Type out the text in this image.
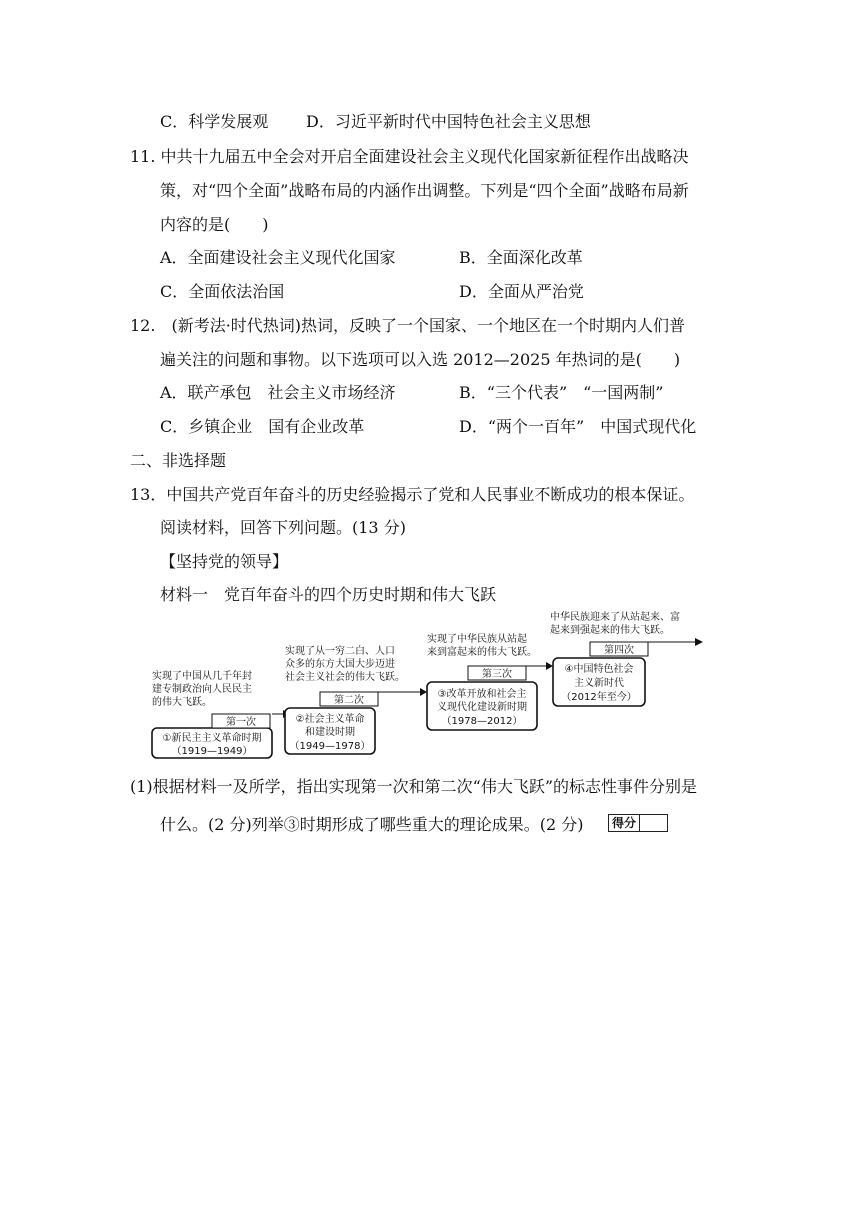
C．科学发展观 D．习近平新时代中国特色社会主义思想
11. 中共十九届五中全会对开启全面建设社会主义现代化国家新征程作出战略决
策，对“四个全面”战略布局的内涵作出调整。下列是“四个全面”战略布局新
内容的是(　　)
A．全面建设社会主义现代化国家	B．全面深化改革
C．全面依法治国	D．全面从严治党
12.　(新考法·时代热词)热词，反映了一个国家、一个地区在一个时期内人们普
遍关注的问题和事物。以下选项可以入选 2012—2025 年热词的是(　　)
A．联产承包　社会主义市场经济	B．“三个代表”　“一国两制”
C．乡镇企业　国有企业改革	D．“两个一百年”　中国式现代化
二、非选择题
13．中国共产党百年奋斗的历史经验揭示了党和人民事业不断成功的根本保证。
阅读材料，回答下列问题。(13 分)
【坚持党的领导】
材料一　党百年奋斗的四个历史时期和伟大飞跃
①新民主主义革命时期
（1919—1949）
第一次
实现了中国从几千年封
建专制政治向人民民主
的伟大飞跃。
②社会主义革命
和建设时期
（1949—1978）
第二次
实现了从一穷二白、人口
众多的东方大国大步迈进
社会主义社会的伟大飞跃。
③改革开放和社会主
义现代化建设新时期
（1978—2012）
第三次
实现了中华民族从站起
来到富起来的伟大飞跃。
④中国特色社会
主义新时代
（2012年至今）
第四次
中华民族迎来了从站起来、富
起来到强起来的伟大飞跃。
(1)根据材料一及所学，指出实现第一次和第二次“伟大飞跃”的标志性事件分别是
什么。(2 分)列举③时期形成了哪些重大的理论成果。(2 分)	得分
